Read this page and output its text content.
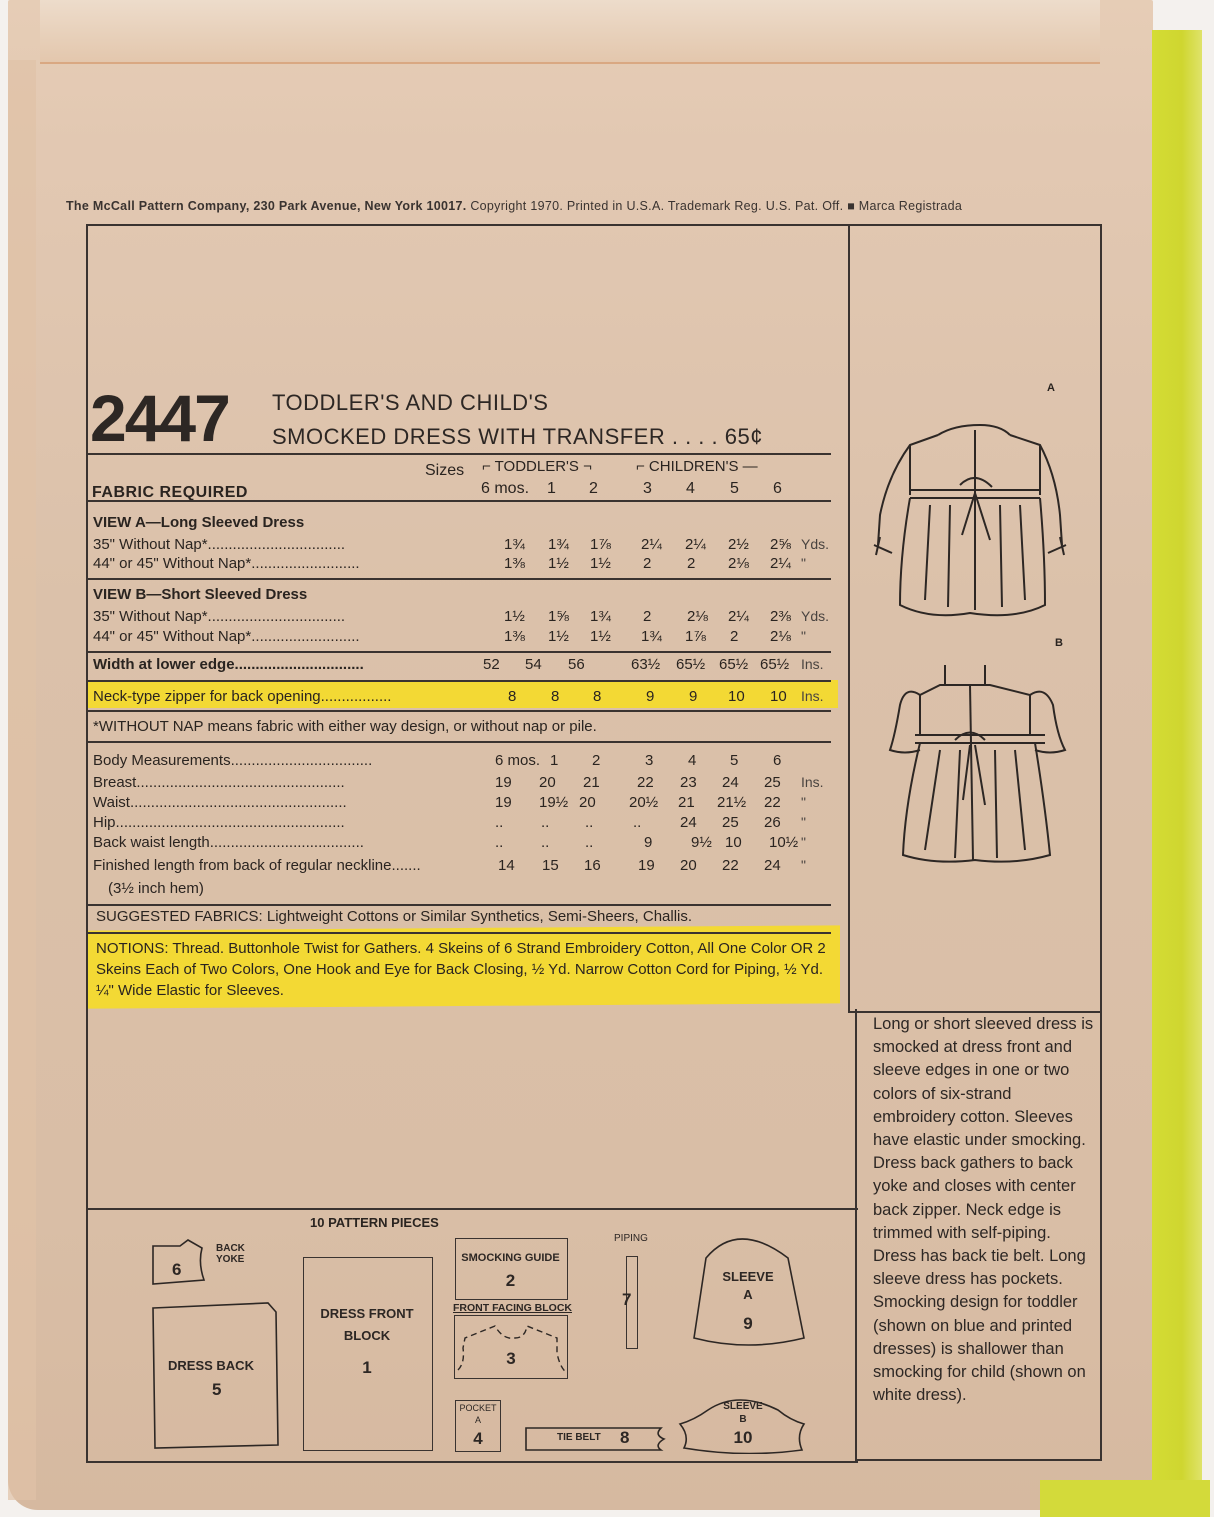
The McCall Pattern Company, 230 Park Avenue, New York 10017. Copyright 1970. Printed in U.S.A. Trademark Reg. U.S. Pat. Off. ■ Marca Registrada
2447 TODDLER'S AND CHILD'S
SMOCKED DRESS WITH TRANSFER . . . . 65¢
Sizes ⌐ TODDLER'S ¬	⌐ CHILDREN'S —
FABRIC REQUIRED	6 mos. 1 2	3 4 5 6
VIEW A—Long Sleeved Dress
35" Without Nap*.................................	1¾ 1¾ 1⅞ 2¼ 2¼ 2½ 2⅝ Yds.
44" or 45" Without Nap*..........................	1⅜ 1½ 1½ 2 2 2⅛ 2¼ "
VIEW B—Short Sleeved Dress
35" Without Nap*.................................	1½ 1⅝ 1¾ 2 2⅛ 2¼ 2⅜ Yds.
44" or 45" Without Nap*..........................	1⅜ 1½ 1½ 1¾ 1⅞ 2 2⅛ "
Width at lower edge...............................	52 54 56	63½ 65½ 65½ 65½ Ins.
Neck-type zipper for back opening.................	8 8 8	9 9 10 10 Ins.
*WITHOUT NAP means fabric with either way design, or without nap or pile.
Body Measurements..................................	6 mos. 1 2	3 4 5 6
Breast..................................................	19 20 21 22 23 24 25 Ins.
Waist....................................................	19 19½ 20 20½ 21 21½ 22 "
Hip.......................................................	..	.. ..	..	24 25 26 "
Back waist length.....................................	..	.. ..	9	9½ 10 10½ "
Finished length from back of regular neckline.......	14 15 16 19 20 22 24 "
(3½ inch hem)
SUGGESTED FABRICS: Lightweight Cottons or Similar Synthetics, Semi-Sheers, Challis.
NOTIONS: Thread. Buttonhole Twist for Gathers. 4 Skeins of 6 Strand Embroidery Cotton, All One Color OR 2 Skeins Each of Two Colors, One Hook and Eye for Back Closing, ½ Yd. Narrow Cotton Cord for Piping, ½ Yd. ¼" Wide Elastic for Sleeves.
A
B
Long or short sleeved dress is smocked at dress front and sleeve edges in one or two colors of six-strand embroidery cotton. Sleeves have elastic under smocking. Dress back gathers to back yoke and closes with center back zipper. Neck edge is trimmed with self-piping. Dress has back tie belt. Long sleeve dress has pockets. Smocking design for toddler (shown on blue and printed dresses) is shallower than smocking for child (shown on white dress).
10 PATTERN PIECES
6
BACK
YOKE
DRESS BACK
5
DRESS FRONT
BLOCK
1
SMOCKING GUIDE
2
FRONT FACING BLOCK
3
POCKET
A
4	TIE BELT 8
PIPING
7
SLEEVE
A
9
SLEEVE
B
10
